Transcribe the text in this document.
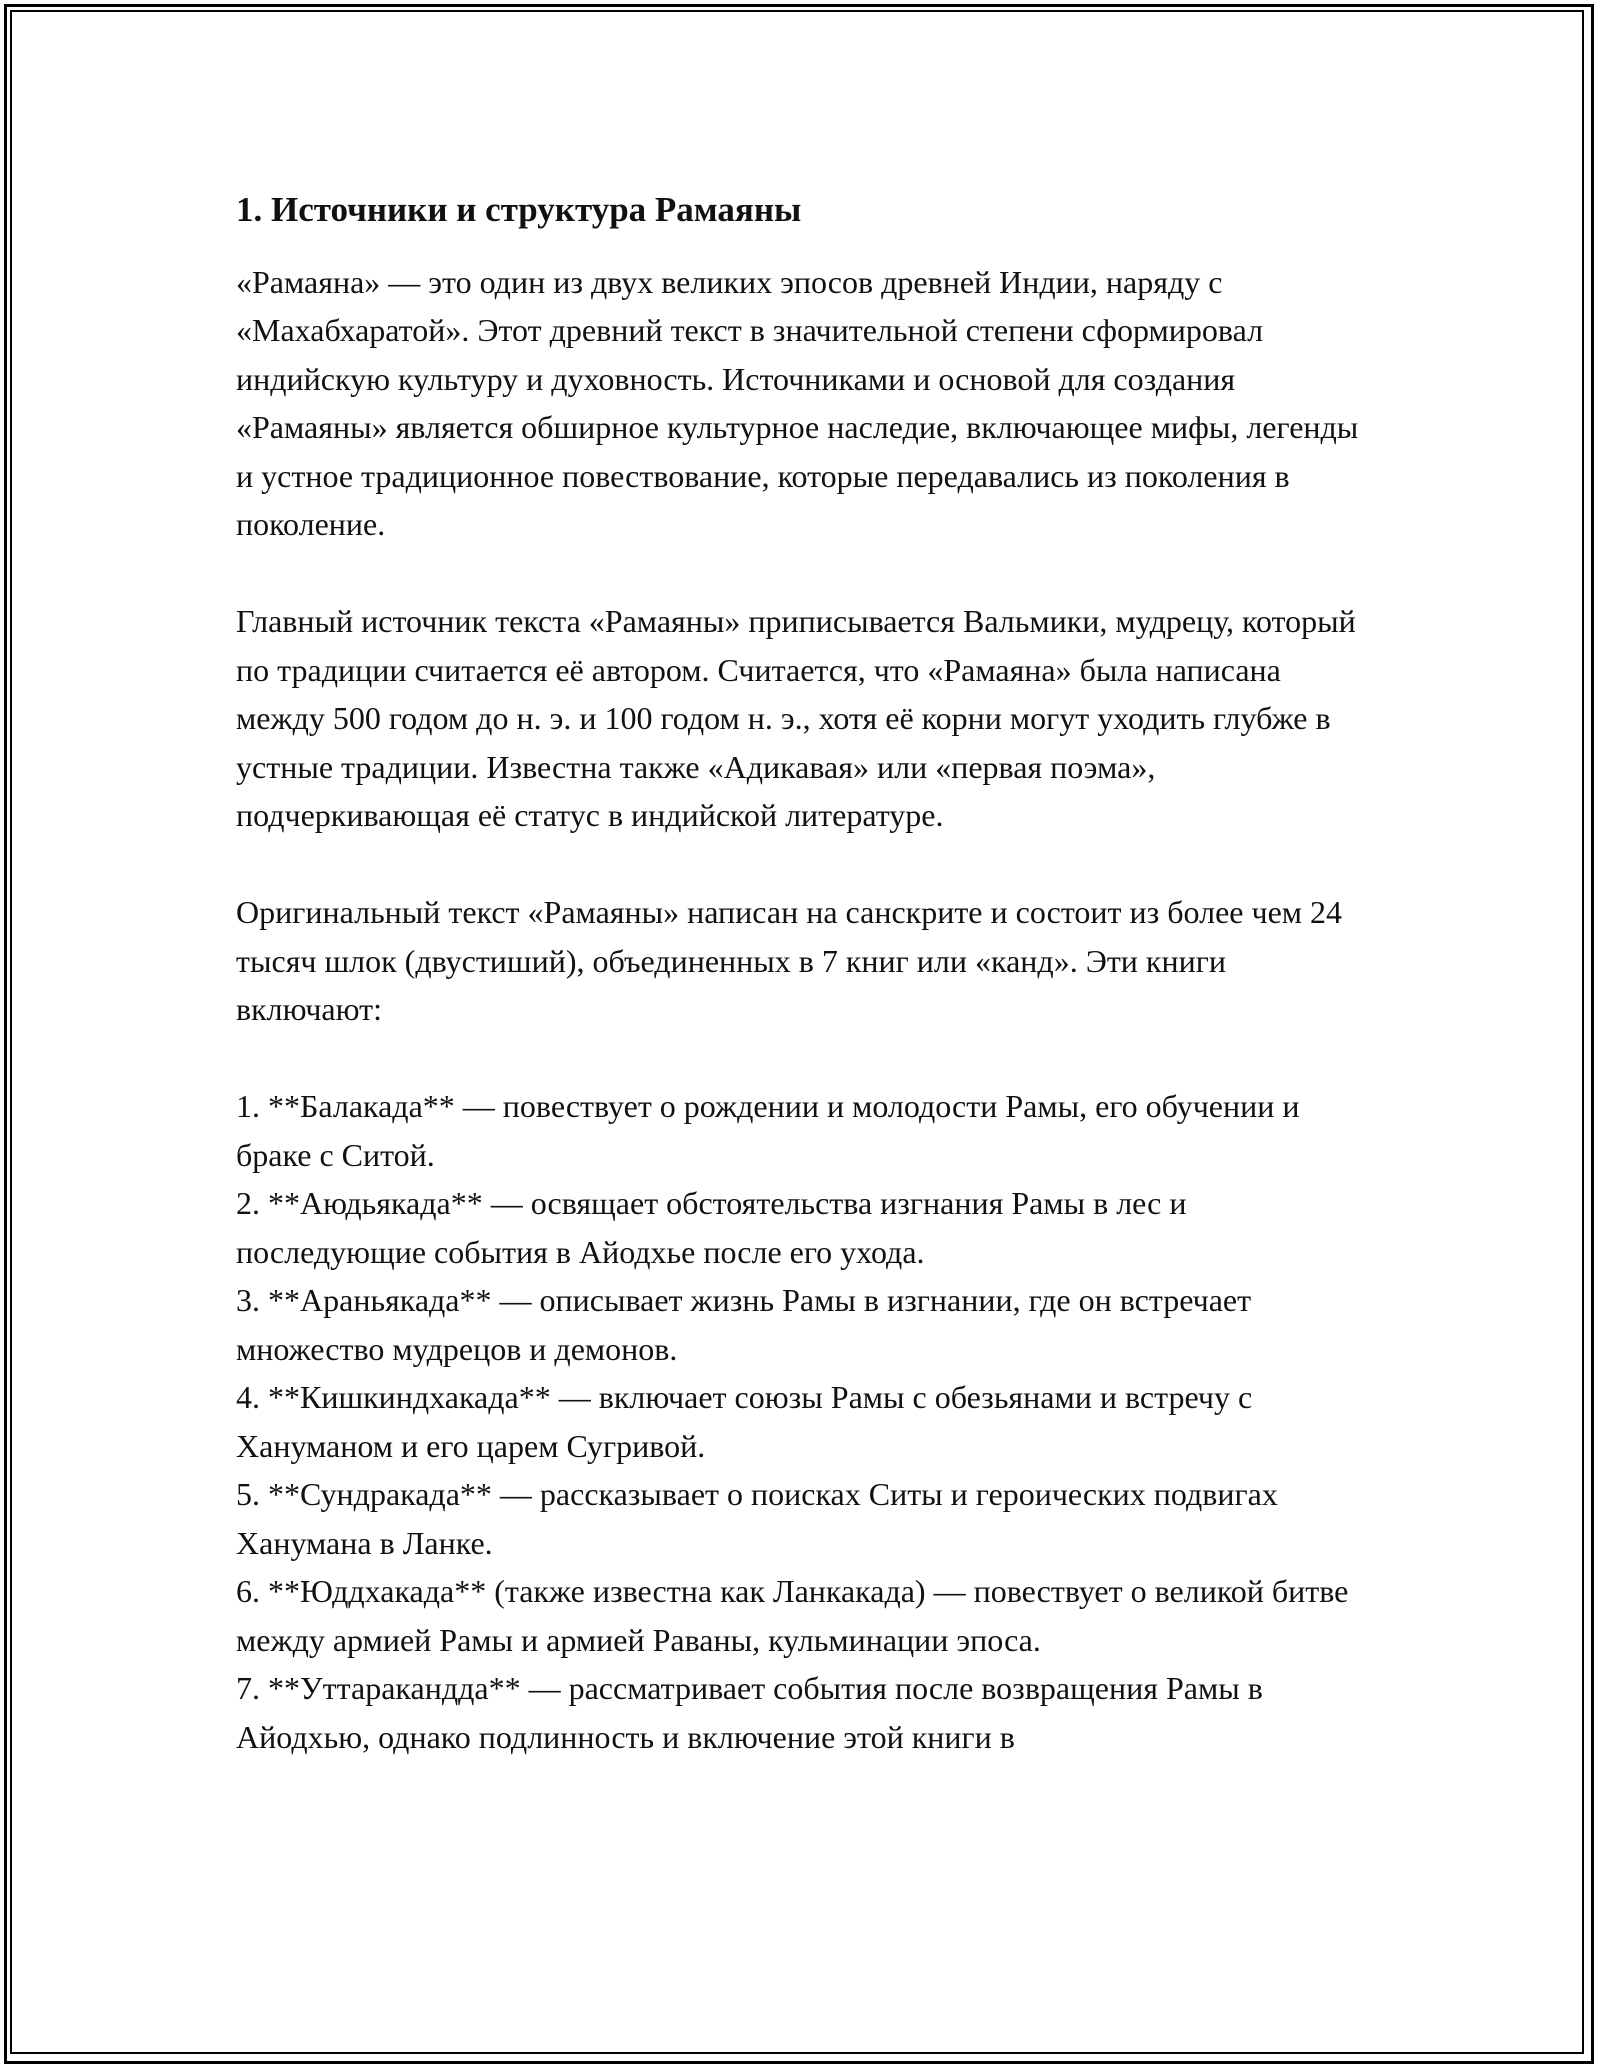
1. Источники и структура Рамаяны

«Рамаяна» — это один из двух великих эпосов древней Индии, наряду с «Махабхаратой». Этот древний текст в значительной степени сформировал индийскую культуру и духовность. Источниками и основой для создания «Рамаяны» является обширное культурное наследие, включающее мифы, легенды и устное традиционное повествование, которые передавались из поколения в поколение.

Главный источник текста «Рамаяны» приписывается Вальмики, мудрецу, который по традиции считается её автором. Считается, что «Рамаяна» была написана между 500 годом до н. э. и 100 годом н. э., хотя её корни могут уходить глубже в устные традиции. Известна также «Адикавая» или «первая поэма», подчеркивающая её статус в индийской литературе.

Оригинальный текст «Рамаяны» написан на санскрите и состоит из более чем 24 тысяч шлок (двустиший), объединенных в 7 книг или «канд». Эти книги включают:

1. **Балакада** — повествует о рождении и молодости Рамы, его обучении и браке с Ситой.
2. **Аюдьякада** — освящает обстоятельства изгнания Рамы в лес и последующие события в Айодхье после его ухода.
3. **Араньякада** — описывает жизнь Рамы в изгнании, где он встречает множество мудрецов и демонов.
4. **Кишкиндхакада** — включает союзы Рамы с обезьянами и встречу с Хануманом и его царем Сугривой.
5. **Сундракада** — рассказывает о поисках Ситы и героических подвигах Ханумана в Ланке.
6. **Юддхакада** (также известна как Ланкакада) — повествует о великой битве между армией Рамы и армией Раваны, кульминации эпоса.
7. **Уттараканддa** — рассматривает события после возвращения Рамы в Айодхью, однако подлинность и включение этой книги в
